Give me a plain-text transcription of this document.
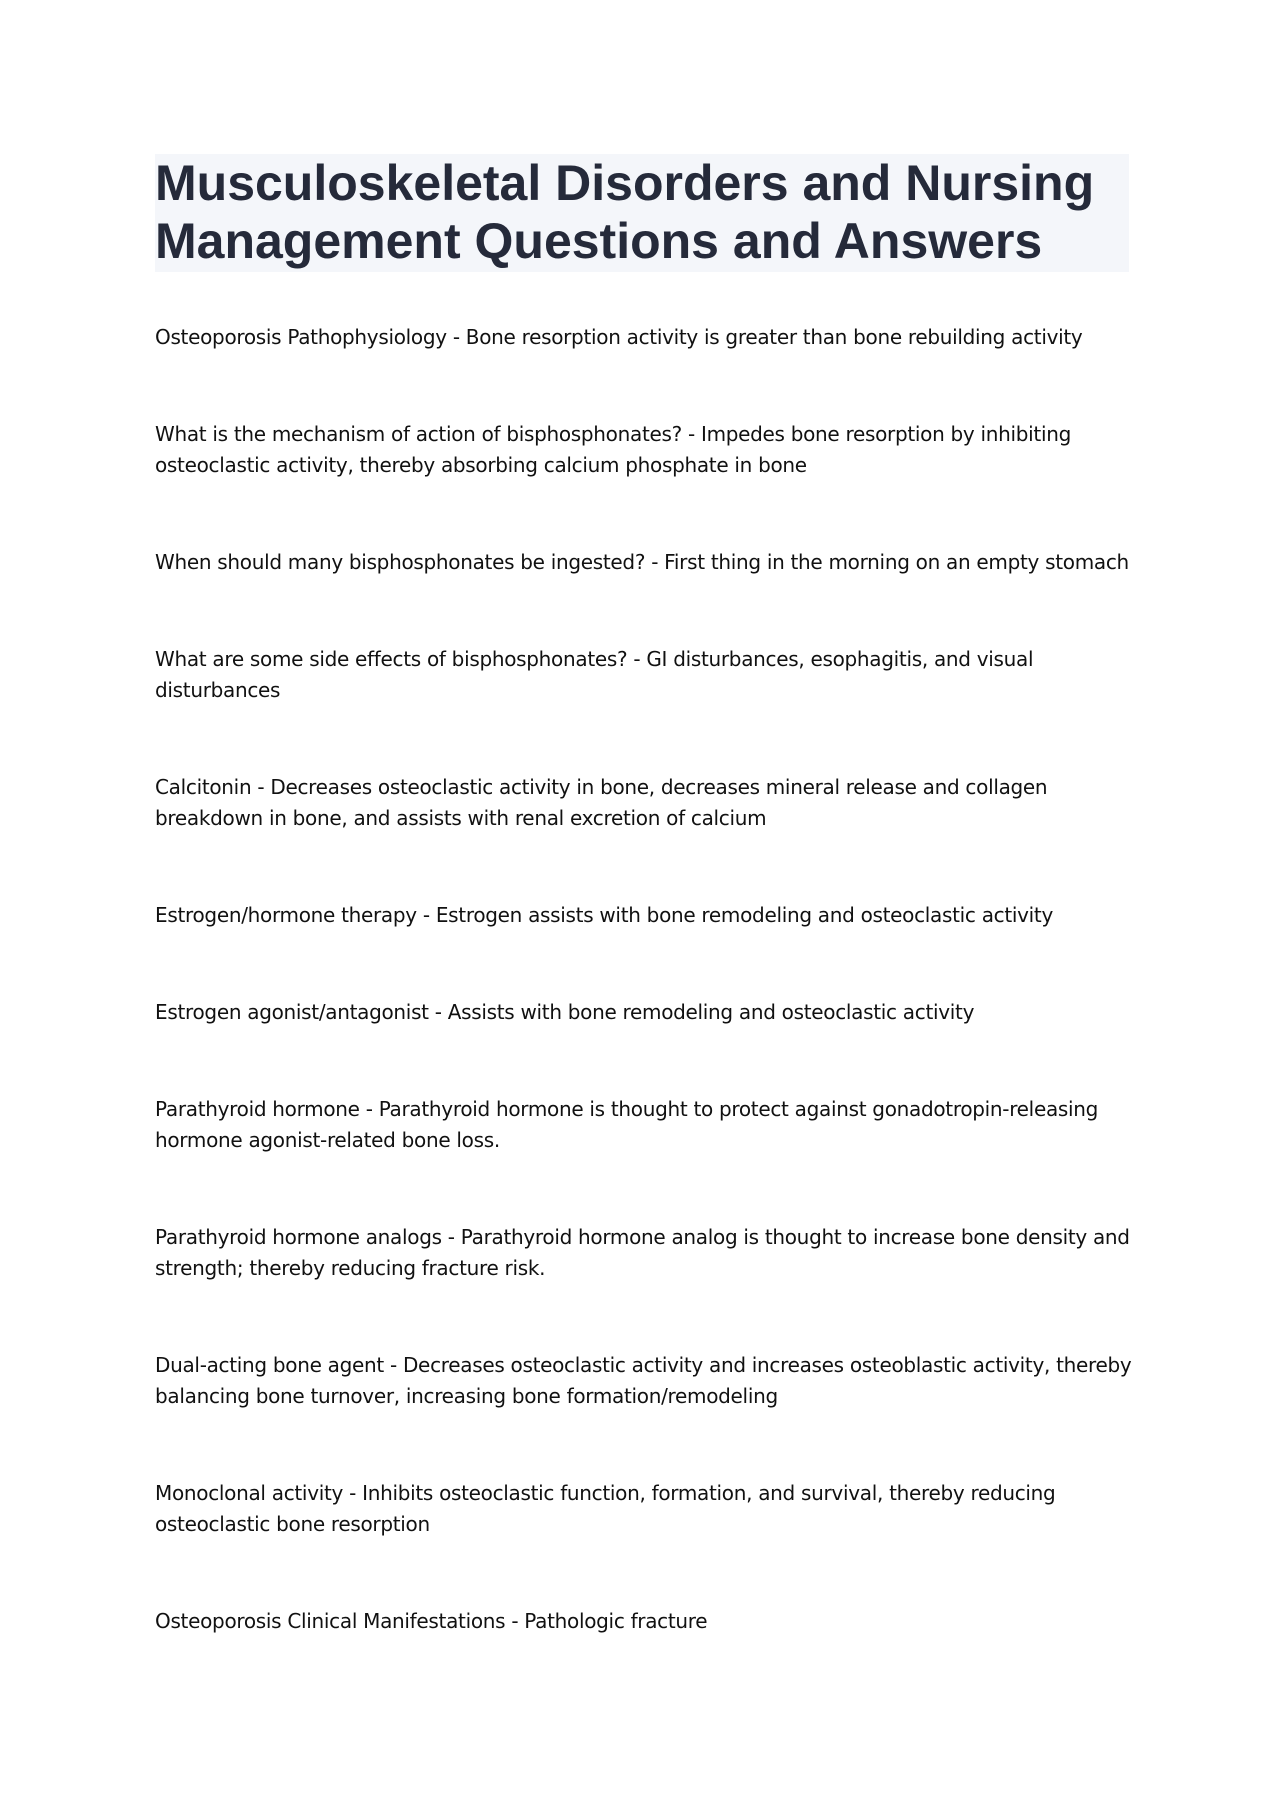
Musculoskeletal Disorders and Nursing Management Questions and Answers

Osteoporosis Pathophysiology - Bone resorption activity is greater than bone rebuilding activity

What is the mechanism of action of bisphosphonates? - Impedes bone resorption by inhibiting osteoclastic activity, thereby absorbing calcium phosphate in bone

When should many bisphosphonates be ingested? - First thing in the morning on an empty stomach

What are some side effects of bisphosphonates? - GI disturbances, esophagitis, and visual disturbances

Calcitonin - Decreases osteoclastic activity in bone, decreases mineral release and collagen breakdown in bone, and assists with renal excretion of calcium

Estrogen/hormone therapy - Estrogen assists with bone remodeling and osteoclastic activity

Estrogen agonist/antagonist - Assists with bone remodeling and osteoclastic activity

Parathyroid hormone - Parathyroid hormone is thought to protect against gonadotropin-releasing hormone agonist-related bone loss.

Parathyroid hormone analogs - Parathyroid hormone analog is thought to increase bone density and strength; thereby reducing fracture risk.

Dual-acting bone agent - Decreases osteoclastic activity and increases osteoblastic activity, thereby balancing bone turnover, increasing bone formation/remodeling

Monoclonal activity - Inhibits osteoclastic function, formation, and survival, thereby reducing osteoclastic bone resorption

Osteoporosis Clinical Manifestations - Pathologic fracture
